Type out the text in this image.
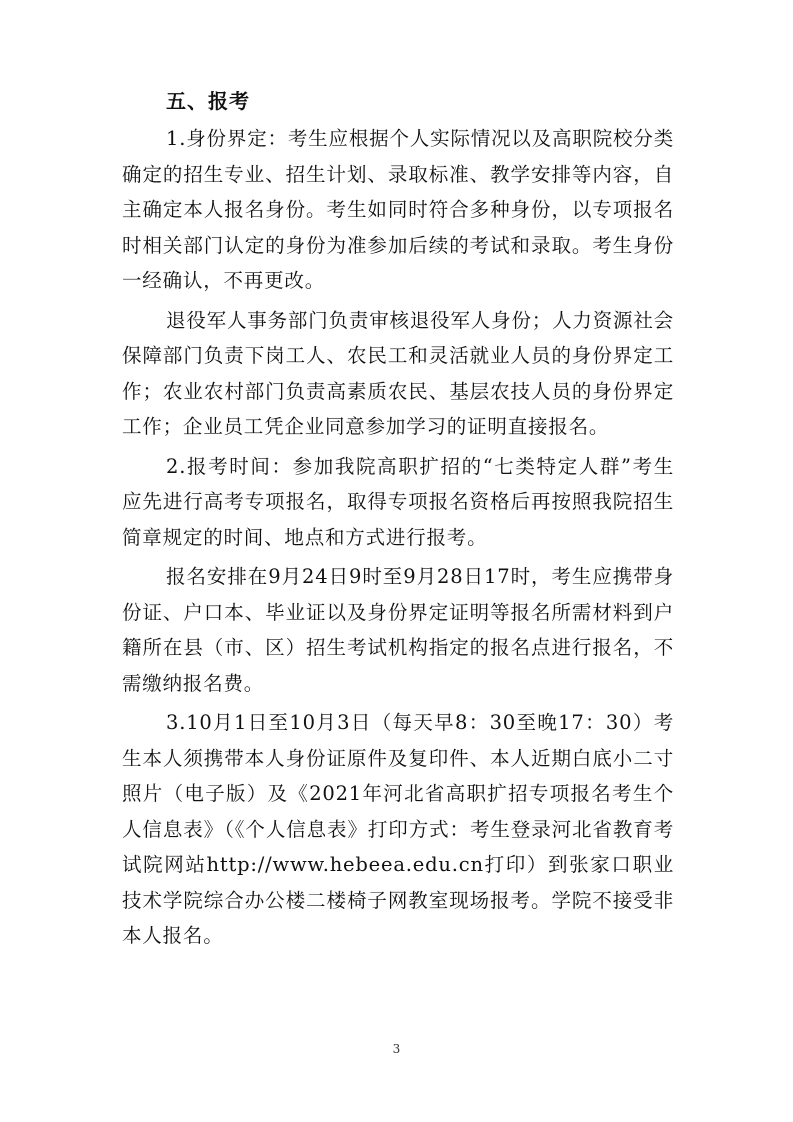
五、报考

1.身份界定：考生应根据个人实际情况以及高职院校分类确定的招生专业、招生计划、录取标准、教学安排等内容，自主确定本人报名身份。考生如同时符合多种身份，以专项报名时相关部门认定的身份为准参加后续的考试和录取。考生身份一经确认，不再更改。

退役军人事务部门负责审核退役军人身份；人力资源社会保障部门负责下岗工人、农民工和灵活就业人员的身份界定工作；农业农村部门负责高素质农民、基层农技人员的身份界定工作；企业员工凭企业同意参加学习的证明直接报名。

2.报考时间：参加我院高职扩招的“七类特定人群”考生应先进行高考专项报名，取得专项报名资格后再按照我院招生简章规定的时间、地点和方式进行报考。

报名安排在9月24日9时至9月28日17时，考生应携带身份证、户口本、毕业证以及身份界定证明等报名所需材料到户籍所在县（市、区）招生考试机构指定的报名点进行报名，不需缴纳报名费。

3.10月1日至10月3日（每天早8：30至晚17：30）考生本人须携带本人身份证原件及复印件、本人近期白底小二寸照片（电子版）及《2021年河北省高职扩招专项报名考生个人信息表》（《个人信息表》打印方式：考生登录河北省教育考试院网站http://www.hebeea.edu.cn打印）到张家口职业技术学院综合办公楼二楼椅子网教室现场报考。学院不接受非本人报名。

3
